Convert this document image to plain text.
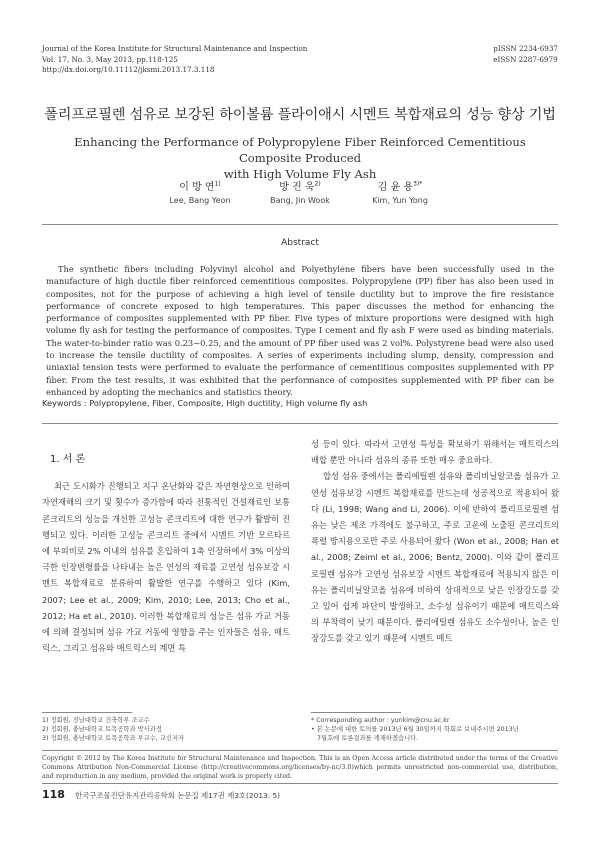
Journal of the Korea Institute for Structural Maintenance and Inspection
Vol. 17, No. 3, May 2013, pp.118-125
http://dx.doi.org/10.11112/jksmi.2013.17.3.118
pISSN 2234-6937
eISSN 2287-6979
폴리프로필렌 섬유로 보강된 하이볼륨 플라이애시 시멘트 복합재료의 성능 향상 기법
Enhancing the Performance of Polypropylene Fiber Reinforced Cementitious Composite Produced
with High Volume Fly Ash
이 방 연$^{1)}$
Lee, Bang Yeon
방 진 욱$^{2)}$
Bang, Jin Wook
김 윤 용$^{3)*}$
Kim, Yun Yong
Abstract
The synthetic fibers including Polyvinyl alcohol and Polyethylene fibers have been successfully used in the manufacture of high ductile fiber reinforced cementitious composites. Polypropylene (PP) fiber has also been used in composites, not for the purpose of achieving a high level of tensile ductility but to improve the fire resistance performance of concrete exposed to high temperatures. This paper discusses the method for enhancing the performance of composites supplemented with PP fiber. Five types of mixture proportions were designed with high volume fly ash for testing the performance of composites. Type I cement and fly ash F were used as binding materials. The water-to-binder ratio was 0.23~0.25, and the amount of PP fiber used was 2 vol%. Polystyrene bead were also used to increase the tensile ductility of composites. A series of experiments including slump, density, compression and uniaxial tension tests were performed to evaluate the performance of cementitious composites supplemented with PP fiber. From the test results, it was exhibited that the performance of composites supplemented with PP fiber can be enhanced by adopting the mechanics and statistics theory.
Keywords : Polypropylene, Fiber, Composite, High ductility, High volume fly ash
1. 서 론

최근 도시화가 진행되고 지구 온난화와 같은 자연현상으로 인하여 자연재해의 크기 및 횟수가 증가함에 따라 전통적인 건설재료인 보통 콘크리트의 성능을 개선한 고성능 콘크리트에 대한 연구가 활발히 진행되고 있다. 이러한 고성능 콘크리트 중에서 시멘트 기반 모르타르에 부피비로 2% 이내의 섬유를 혼입하여 1축 인장하에서 3% 이상의 극한 인장변형률을 나타내는 높은 연성의 재료를 고연성 섬유보강 시멘트 복합재료로 분류하여 활발한 연구를 수행하고 있다 (Kim, 2007; Lee et al., 2009; Kim, 2010; Lee, 2013; Cho et al., 2012; Ha et al., 2010). 이러한 복합재료의 성능은 섬유 가교 거동에 의해 결정되며 섬유 가교 거동에 영향을 주는 인자들은 섬유, 매트릭스, 그리고 섬유와 매트릭스의 계면 특

성 등이 있다. 따라서 고연성 특성을 확보하기 위해서는 매트릭스의 배합 뿐만 아니라 섬유의 종류 또한 매우 중요하다.

합성 섬유 중에서는 폴리에틸렌 섬유와 폴리비닐알코올 섬유가 고연성 섬유보강 시멘트 복합재료를 만드는데 성공적으로 적용되어 왔다 (Li, 1998; Wang and Li, 2006). 이에 반하여 폴리프로필렌 섬유는 낮은 제조 가격에도 불구하고, 주로 고온에 노출된 콘크리트의 폭렬 방지용으로만 주로 사용되어 왔다 (Won et al., 2008; Han et al., 2008; Zeiml et al., 2006; Bentz, 2000). 이와 같이 폴리프로필렌 섬유가 고연성 섬유보강 시멘트 복합재료에 적용되지 않은 이유는 폴리비닐알코올 섬유에 비하여 상대적으로 낮은 인장강도를 갖고 있어 쉽게 파단이 발생하고, 소수성 섬유이기 때문에 매트릭스와의 부착력이 낮기 때문이다. 폴리에틸렌 섬유도 소수성이나, 높은 인장강도를 갖고 있기 때문에 시멘트 매트

1) 정회원, 전남대학교 건축학부 조교수
2) 정회원, 충남대학교 토목공학과 박사과정
3) 정회원, 충남대학교 토목공학과 부교수, 교신저자
* Corresponding author : yunkim@cnu.ac.kr
• 본 논문에 대한 토의를 2013년 6월 30일까지 학회로 보내주시면 2013년
7월호에 토론결과를 게재하겠습니다.
Copyright © 2012 by The Korea Institute for Structural Maintenance and Inspection. This is an Open Access article distributed under the terms of the Creative Commons Attribution Non-Commercial License (http://creativecommons.org/licenses/by-nc/3.0)which permits unrestricted non-commercial use, distribution, and reproduction in any medium, provided the original work is properly cited.
118 한국구조물진단유지관리공학회 논문집 제17권 제3호(2013. 5)
